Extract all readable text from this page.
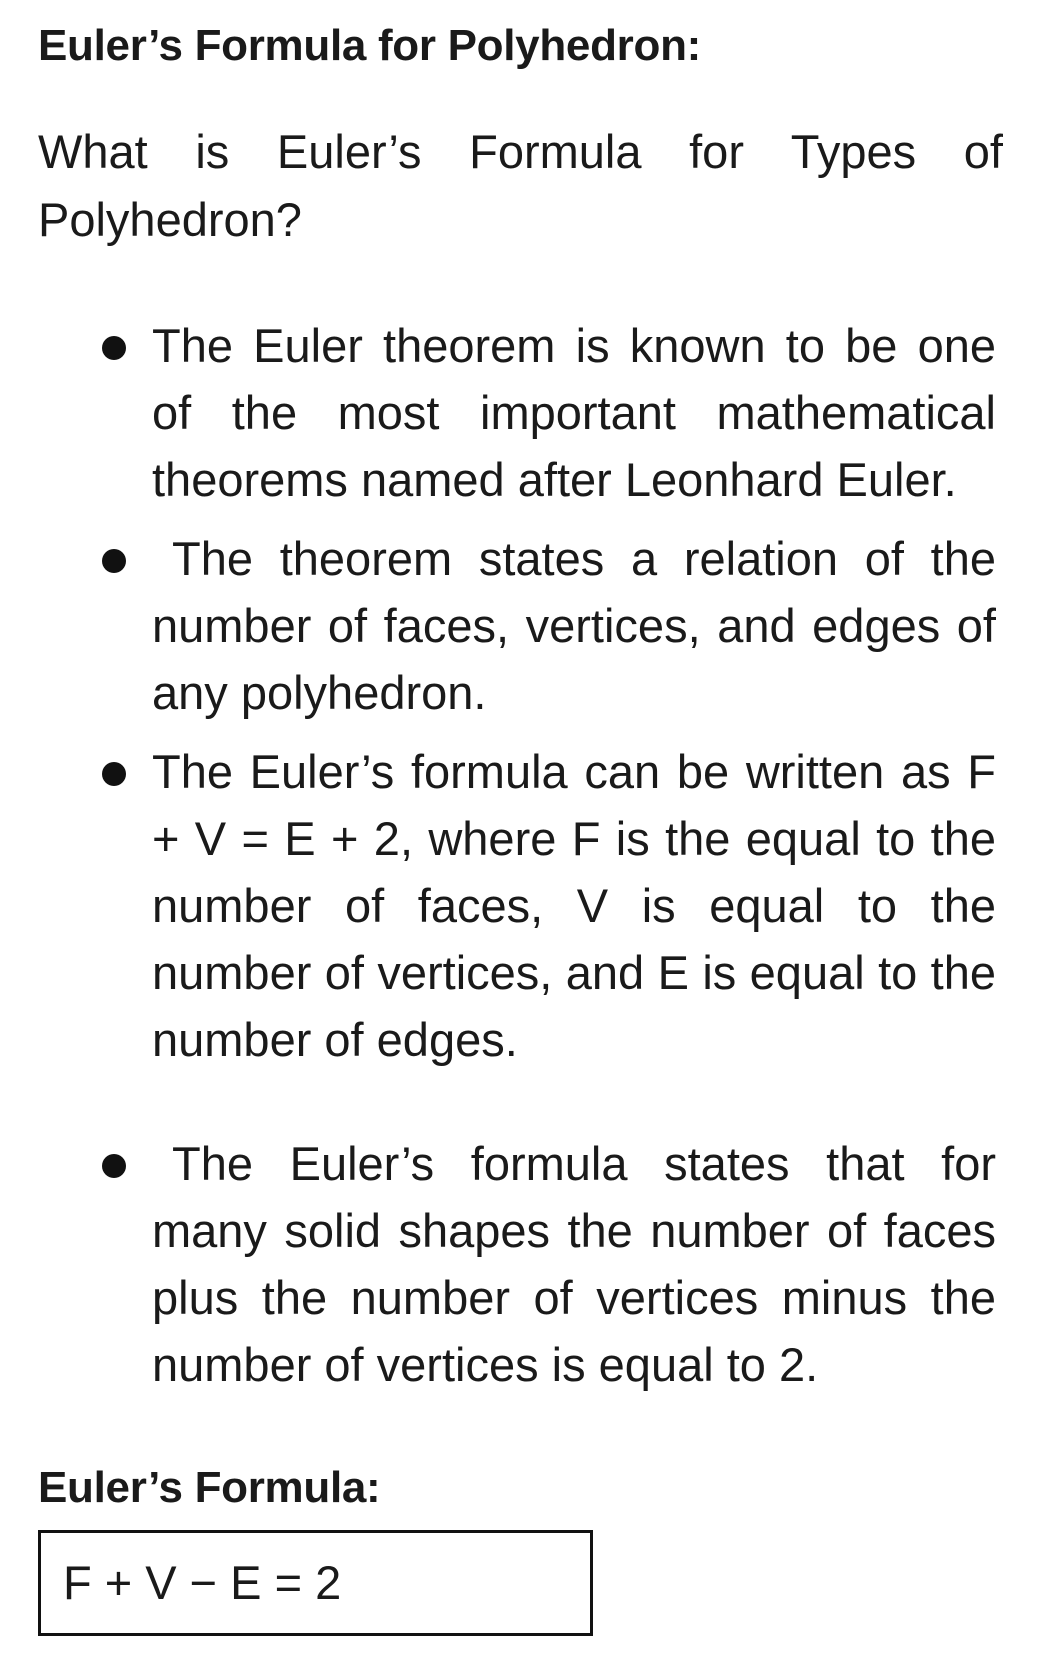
Euler’s Formula for Polyhedron:
What is Euler’s Formula for Types of Polyhedron?
The Euler theorem is known to be one of the most important mathematical theorems named after Leonhard Euler.
The theorem states a relation of the number of faces, vertices, and edges of any polyhedron.
The Euler’s formula can be written as F + V = E + 2, where F is the equal to the number of faces, V is equal to the number of vertices, and E is equal to the number of edges.
The Euler’s formula states that for many solid shapes the number of faces plus the number of vertices minus the number of vertices is equal to 2.
Euler’s Formula:
F + V − E = 2
